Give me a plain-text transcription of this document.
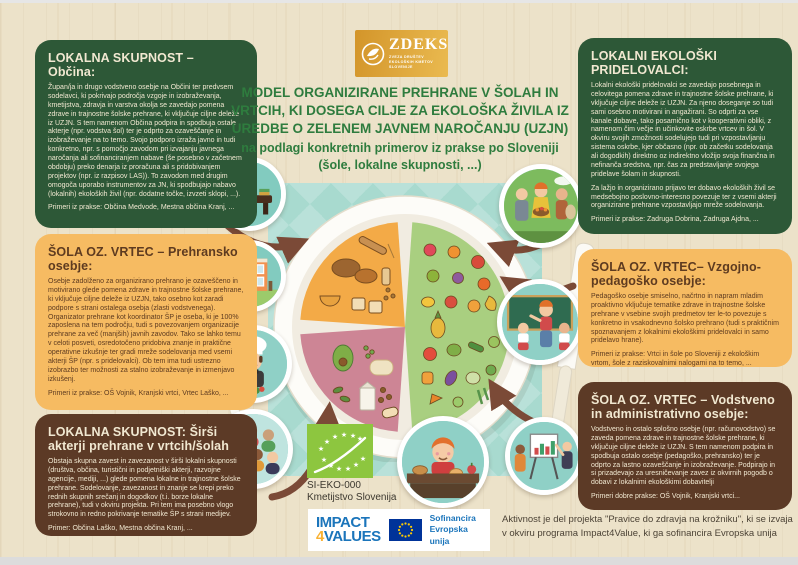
ZDEKS
ZVEZA DRUŠTEV
EKOLOŠKIH KMETOV
SLOVENIJE
MODEL ORGANIZIRANE PREHRANE V ŠOLAH IN VRTCIH, KI DOSEGA CILJE ZA EKOLOŠKA ŽIVILA IZ UREDBE O ZELENEM JAVNEM NAROČANJU (UZJN)
na podlagi konkretnih primerov iz prakse po Sloveniji
(šole, lokalne skupnosti, ...)
LOKALNA SKUPNOST – Občina:

Župan/ja in drugo vodstveno osebje na Občini ter predvsem sodelavci, ki pokrivajo področja vzgoje in izobraževanja, kmetijstva, zdravja in varstva okolja se zavedajo pomena zdrave in trajnostne šolske prehrane, ki vključuje ciljne deleže iz UZJN. S tem namenom Občina podpira in spodbuja ostale akterje (npr. vodstva šol) ter je odprto za ozaveščanje in izobraževanje na to temo. Svojo podporo izraža javno in tudi konkretno, npr. s pomočjo zavodom pri izvajanju javnega naročanja ali sofinanciranjem nabave (še posebno v začetnem obdobju) preko denarja iz proračuna ali s pridobivanjem projektov (npr. iz razpisov LAS)). To zavodom med drugim omogoča uporabo instrumentov za JN, ki spodbujajo nabavo (lokalnih) ekoloških živil (npr. dodatne točke, izvzeti sklopi, ...).

Primeri iz prakse: Občina Medvode, Mestna občina Kranj, ...

ŠOLA OZ. VRTEC – Prehransko osebje:

Osebje zadolženo za organizirano prehrano je ozaveščeno in motivirano glede pomena zdrave in trajnostne šolske prehrane, ki vključuje ciljne deleže iz UZJN, tako osebno kot zaradi podpore s strani ostalega osebja (zlasti vodstvenega). Organizator prehrane kot koordinator ŠP je oseba, ki je 100% zaposlena na tem področju, tudi s povezovanjem organizacije prehrane za več (manjših) javnih zavodov. Tako se lahko temu v celoti posveti, osredotočeno pridobiva znanje in praktične operativne izkušnje ter gradi mreže sodelovanja med vsemi akterji ŠP (npr. s pridelovalci). Ob tem ima tudi ustrezno izobrazbo ter možnosti za stalno izobraževanje in izmenjavo izkušenj.

Primeri iz prakse: OŠ Vojnik, Kranjski vrtci, Vrtec Laško, ...

LOKALNA SKUPNOST: Širši akterji prehrane v vrtcih/šolah

Obstaja skupna zavest in zavezanost v širši lokalni skupnosti (društva, občina, turistični in podjetniški akterji, razvojne agencije, mediji, ...) glede pomena lokalne in trajnostne šolske prehrane. Sodelovanje, zavezanost in znanje se krepi preko rednih skupnih srečanj in dogodkov (t.i. borze lokalne prehrane), tudi v okviru projekta. Pri tem ima posebno vlogo strokovno in redno pokrivanje tematike ŠP s strani medijev.

Primer: Občina Laško, Mestna občina Kranj, ...

LOKALNI EKOLOŠKI PRIDELOVALCI:

Lokalni ekološki pridelovalci se zavedajo posebnega in celovitega pomena zdrave in trajnostne šolske prehrane, ki vključuje ciljne deleže iz UZJN. Za njeno doseganje so tudi sami osebno motivirani in angažirani. So odprti za vse kanale dobave, tako posamično kot v kooperativni obliki, z namenom čim večje in učinkovite oskrbe vrtcev in šol. V okviru svojih zmožnosti sodelujejo tudi pri vzpostavljanju sistema oskrbe, kjer občasno (npr. ob začetku sodelovanja ali dogodkih) direktno oz indirektno vložijo svoja finančna in nefinanča sredstva, npr. čas za predstavljanje svojega pridelave šolam in skupnosti.

Za lažjo in organizirano prijavo ter dobavo ekoloških živil se medsebojno poslovno-interesno povezuje ter z vsemi akterji organizirane prehrane vzpostavljajo mreže sodelovanja.

Primeri iz prakse: Zadruga Dobrina, Zadruga Ajdna, ...

ŠOLA OZ. VRTEC– Vzgojno-pedagoško osebje:

Pedagoško osebje smiselno, načrtno in napram mladim proaktivno vključuje tematike zdrave in trajnostne šolske prehrane v vsebine svojih predmetov ter le-to povezuje s konkretno in vsakodnevno šolsko prehrano (tudi s praktičnim spoznavanjem z lokalnimi ekološkimi pridelovalci in samo pridelavo hrane).

Primeri iz prakse: Vrtci in šole po Sloveniji z ekološkim vrtom, šole z raziskovalnimi nalogami na to temo, ...

ŠOLA OZ. VRTEC – Vodstveno in administrativno osebje:

Vodstveno in ostalo splošno osebje (npr. računovodstvo) se zaveda pomena zdrave in trajnostne šolske prehrane, ki vključuje ciljne deleže iz UZJN. S tem namenom podpira in spodbuja ostalo osebje (pedagoško, prehransko) ter je odprto za lastno ozaveščanje in izobraževanje. Podpirajo in si prizadevajo za uresničevanje zavez iz okvirnih pogodb o dobavi z lokalnimi ekološkimi dobavitelji

Primeri dobre prakse: OŠ Vojnik, Kranjski vrtci...

★
★
★ ★ ★ ★
★
★ ★ ★ ★
★
SI-EKO-000
Kmetijstvo Slovenija
IMPACT
4VALUES
Sofinancira
Evropska unija
Aktivnost je del projekta "Pravice do zdravja na krožniku", ki se izvaja v okviru programa Impact4Value, ki ga sofinancira Evropska unija
